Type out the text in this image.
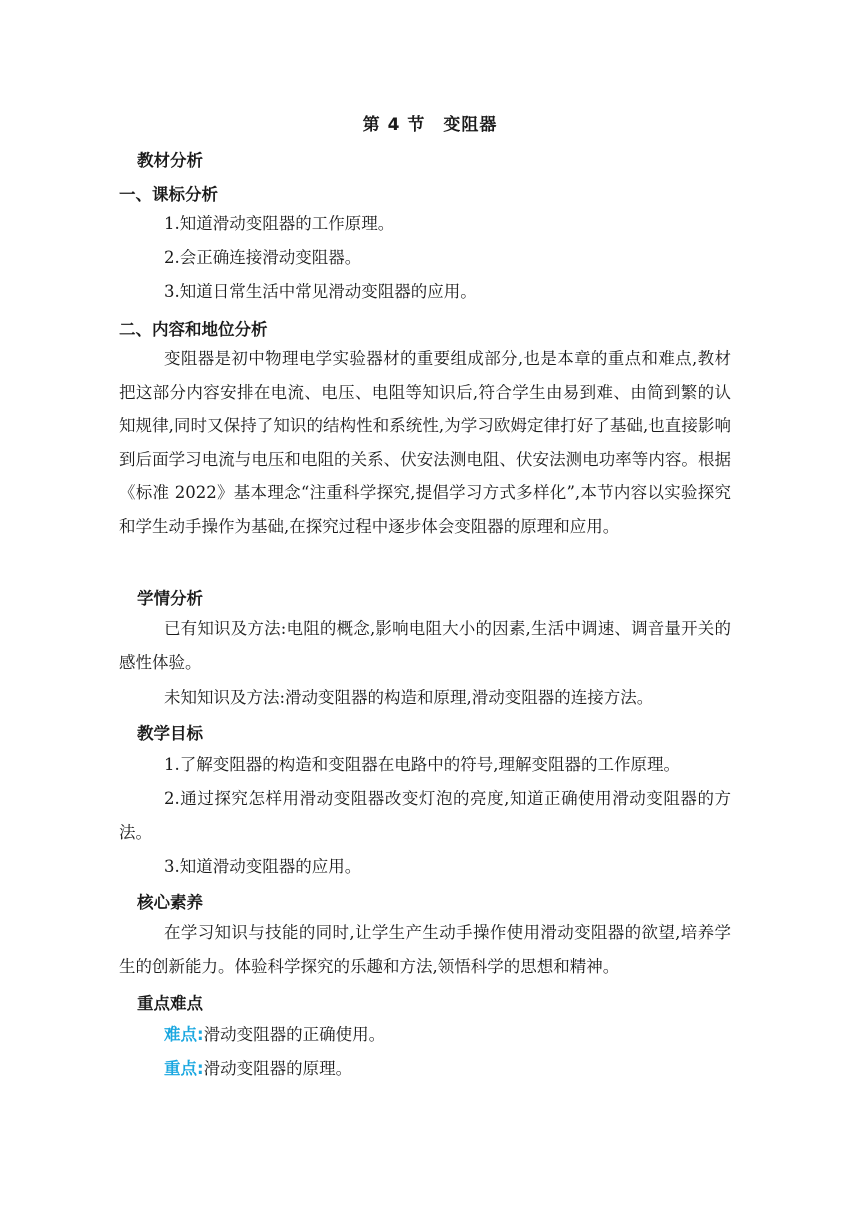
第 4 节　变阻器
教材分析
一、课标分析
1.知道滑动变阻器的工作原理。
2.会正确连接滑动变阻器。
3.知道日常生活中常见滑动变阻器的应用。
二、内容和地位分析
变阻器是初中物理电学实验器材的重要组成部分,也是本章的重点和难点,教材把这部分内容安排在电流、电压、电阻等知识后,符合学生由易到难、由简到繁的认知规律,同时又保持了知识的结构性和系统性,为学习欧姆定律打好了基础,也直接影响到后面学习电流与电压和电阻的关系、伏安法测电阻、伏安法测电功率等内容。根据《标准 2022》基本理念“注重科学探究,提倡学习方式多样化”,本节内容以实验探究和学生动手操作为基础,在探究过程中逐步体会变阻器的原理和应用。
学情分析
已有知识及方法:电阻的概念,影响电阻大小的因素,生活中调速、调音量开关的感性体验。
未知知识及方法:滑动变阻器的构造和原理,滑动变阻器的连接方法。
教学目标
1.了解变阻器的构造和变阻器在电路中的符号,理解变阻器的工作原理。
2.通过探究怎样用滑动变阻器改变灯泡的亮度,知道正确使用滑动变阻器的方法。
3.知道滑动变阻器的应用。
核心素养
在学习知识与技能的同时,让学生产生动手操作使用滑动变阻器的欲望,培养学生的创新能力。体验科学探究的乐趣和方法,领悟科学的思想和精神。
重点难点
难点:滑动变阻器的正确使用。
重点:滑动变阻器的原理。
